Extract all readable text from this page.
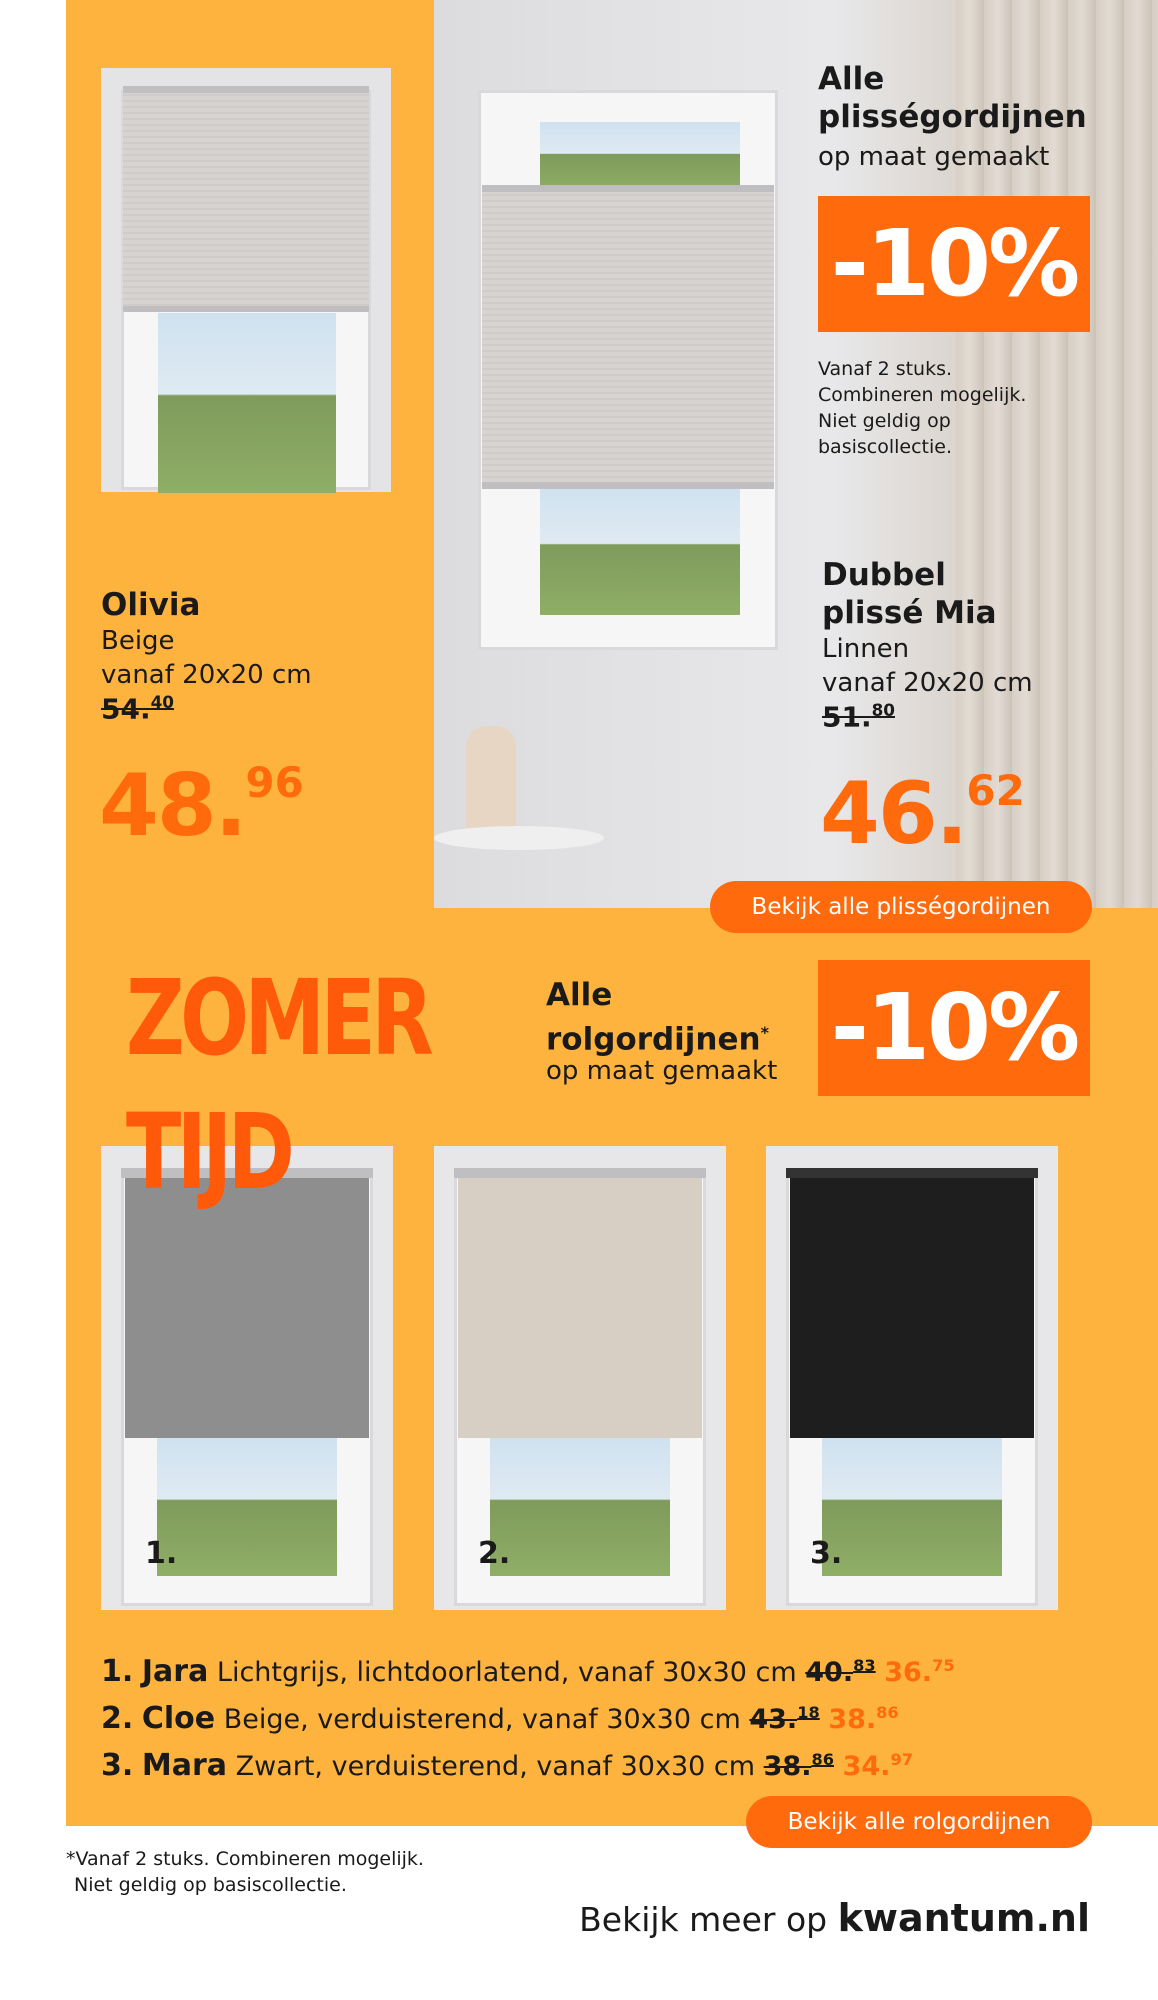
Alle
plisségordijnen
op maat gemaakt
-10%
Vanaf 2 stuks.
Combineren mogelijk.
Niet geldig op
basiscollectie.
Olivia
Beige
vanaf 20x20 cm
54.40
48.96
Dubbel
plissé Mia
Linnen
vanaf 20x20 cm
51.80
46.62
Bekijk alle plisségordijnen
ZOMER	Alle
rolgordijnen*
op maat gemaakt -10%
1.	2.	3.
TIJD
1. Jara Lichtgrijs, lichtdoorlatend, vanaf 30x30 cm 40.83 36.75
2. Cloe Beige, verduisterend, vanaf 30x30 cm 43.18 38.86
3. Mara Zwart, verduisterend, vanaf 30x30 cm 38.86 34.97
Bekijk alle rolgordijnen
*Vanaf 2 stuks. Combineren mogelijk.
Niet geldig op basiscollectie.
Bekijk meer op kwantum.nl
